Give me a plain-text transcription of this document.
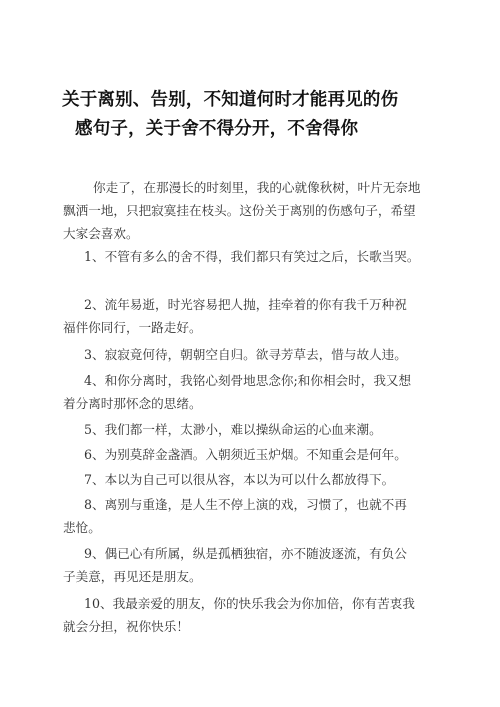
关于离别、告别，不知道何时才能再见的伤
感句子，关于舍不得分开，不舍得你

你走了，在那漫长的时刻里，我的心就像秋树，叶片无奈地
飘洒一地，只把寂寞挂在枝头。这份关于离别的伤感句子，希望
大家会喜欢。

1、不管有多么的舍不得，我们都只有笑过之后，长歌当哭。

2、流年易逝，时光容易把人抛，挂牵着的你有我千万种祝
福伴你同行，一路走好。

3、寂寂竟何待，朝朝空自归。欲寻芳草去，惜与故人违。

4、和你分离时，我铭心刻骨地思念你;和你相会时，我又想
着分离时那怀念的思绪。

5、我们都一样，太渺小，难以操纵命运的心血来潮。

6、为别莫辞金盏酒。入朝须近玉炉烟。不知重会是何年。

7、本以为自己可以很从容，本以为可以什么都放得下。

8、离别与重逢，是人生不停上演的戏，习惯了，也就不再
悲怆。

9、偶已心有所属，纵是孤栖独宿，亦不随波逐流，有负公
子美意，再见还是朋友。

10、我最亲爱的朋友，你的快乐我会为你加倍，你有苦衷我
就会分担，祝你快乐！
